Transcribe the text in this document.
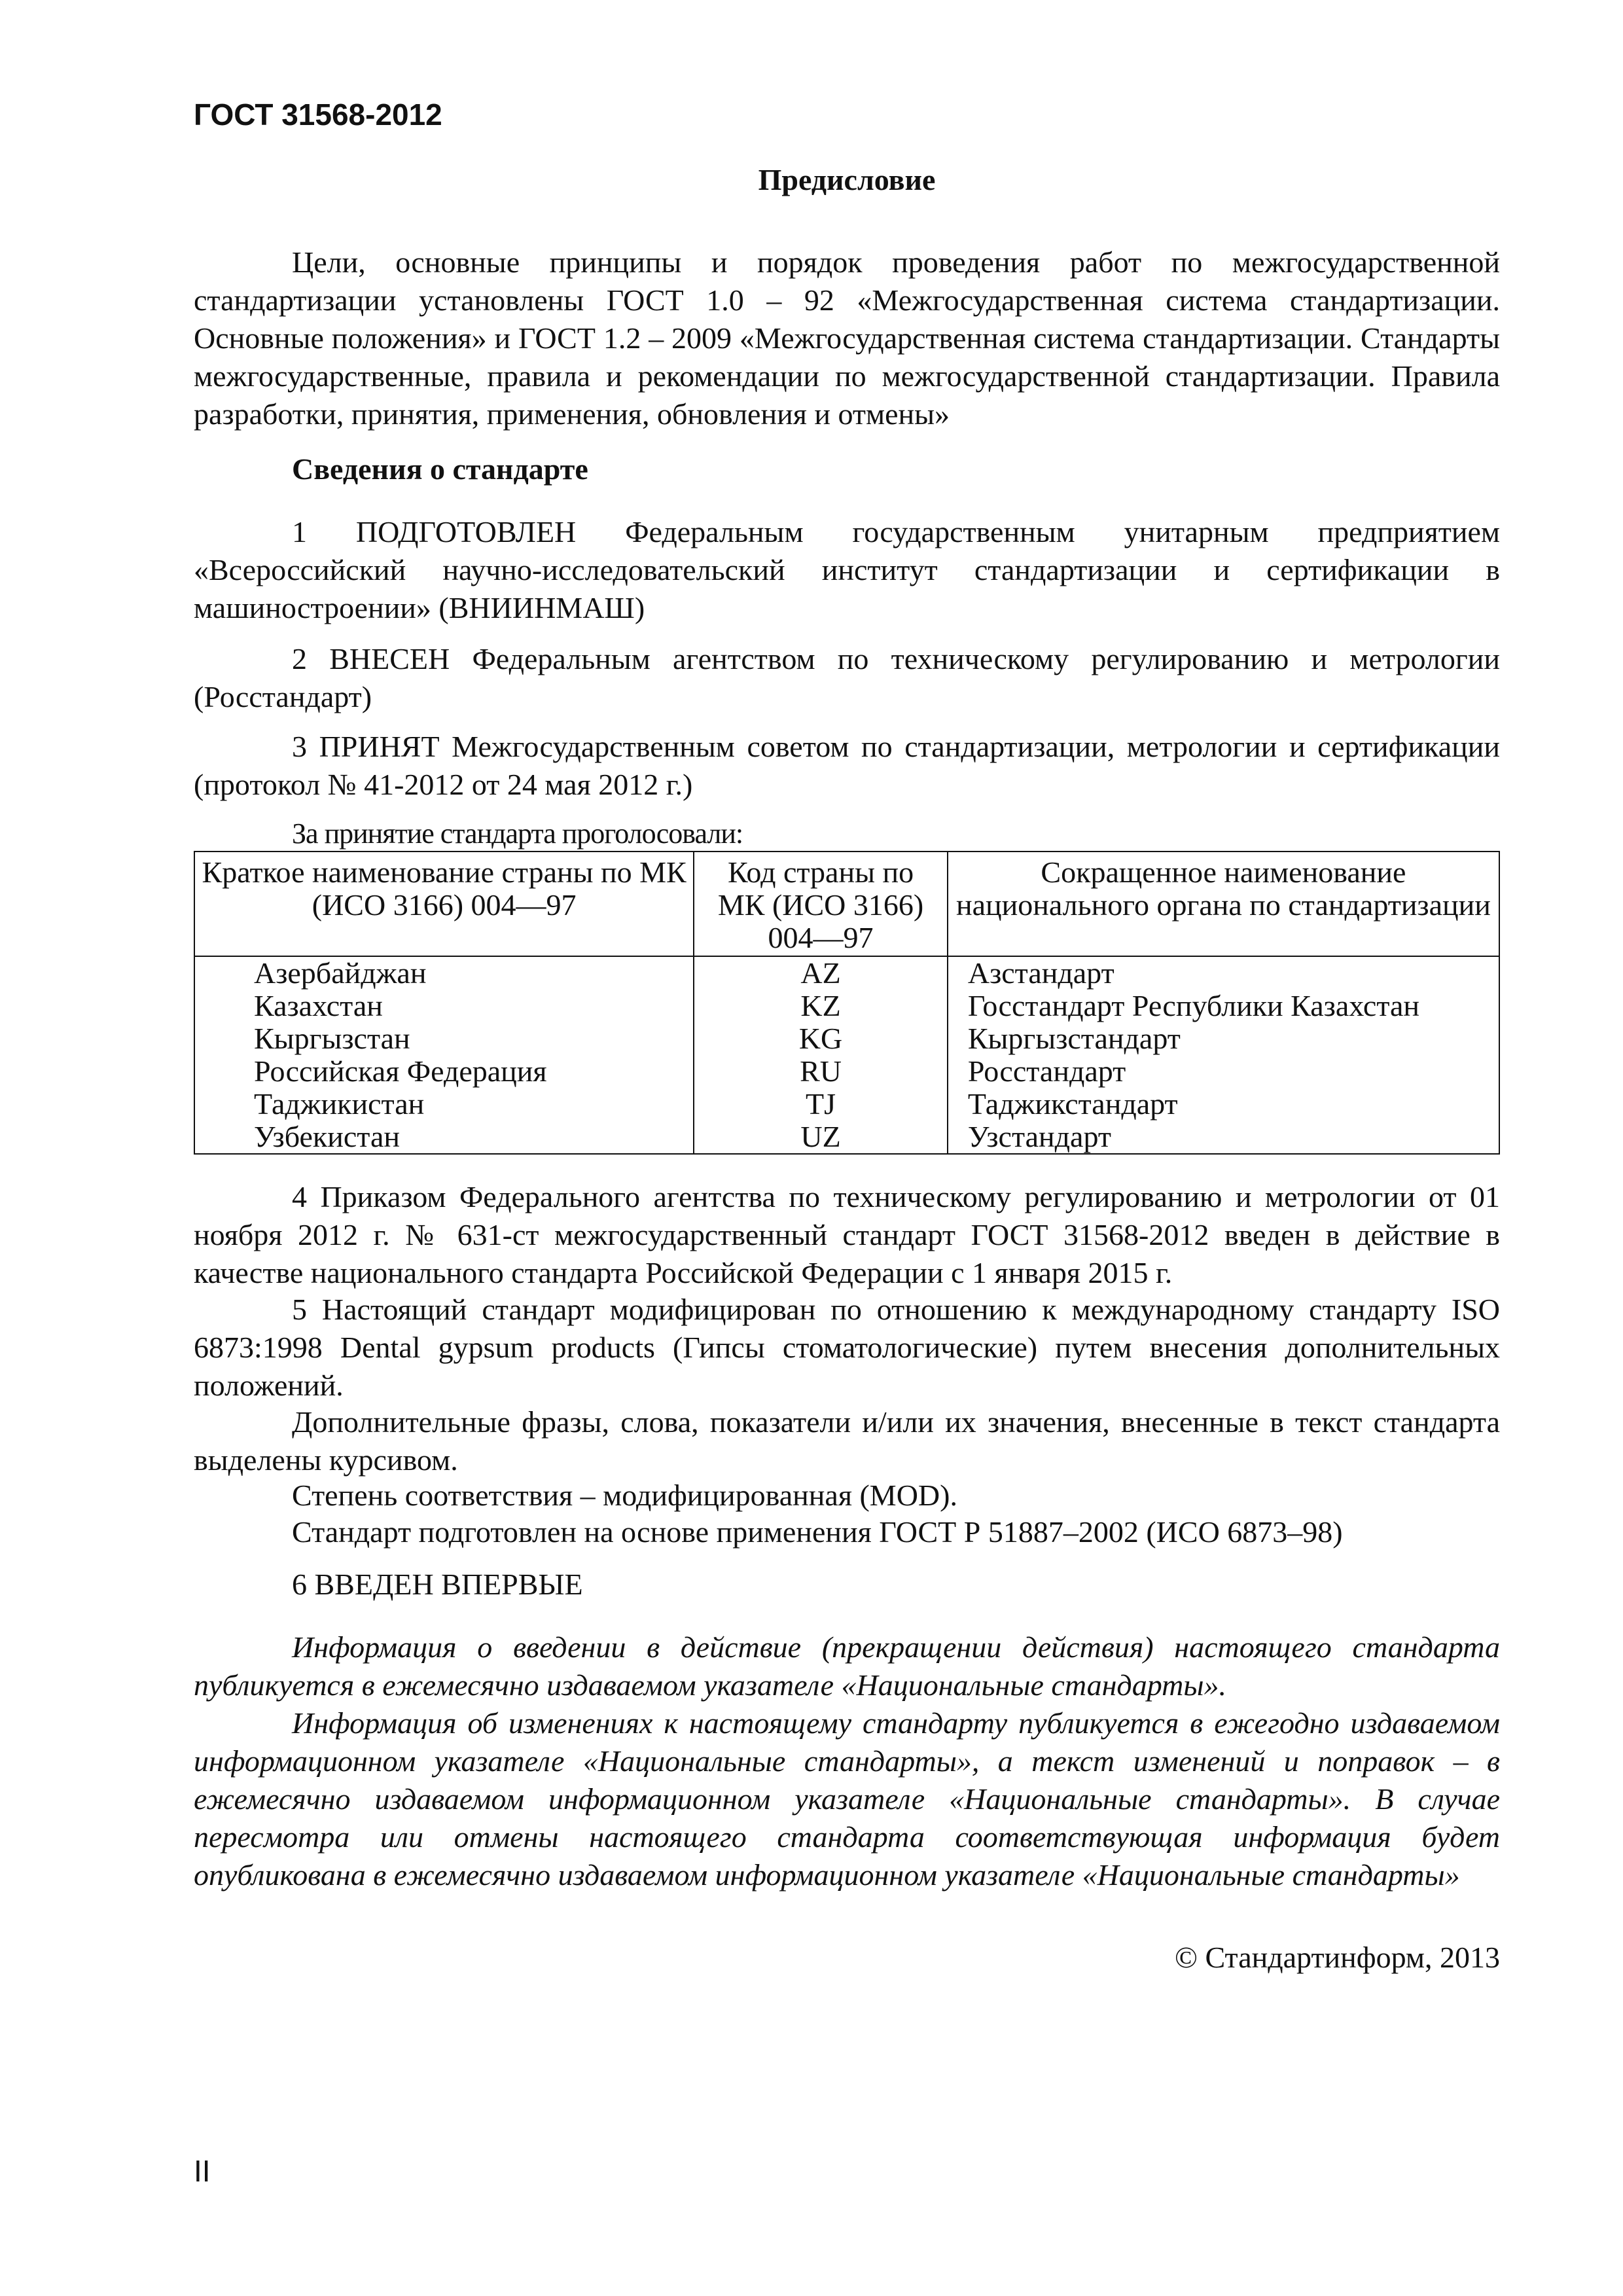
ГОСТ 31568-2012
Предисловие

Цели, основные принципы и порядок проведения работ по межгосударственной стандартизации установлены ГОСТ 1.0 – 92 «Межгосударственная система стандартизации. Основные положения» и ГОСТ 1.2 – 2009 «Межгосударственная система стандартизации. Стандарты межгосударственные, правила и рекомендации по межгосударственной стандартизации. Правила разработки, принятия, применения, обновления и отмены»

Сведения о стандарте

1 ПОДГОТОВЛЕН Федеральным государственным унитарным предприятием «Всероссийский научно-исследовательский институт стандартизации и сертификации в машиностроении» (ВНИИНМАШ)

2 ВНЕСЕН Федеральным агентством по техническому регулированию и метрологии (Росстандарт)

3 ПРИНЯТ Межгосударственным советом по стандартизации, метрологии и сертификации (протокол № 41-2012 от 24 мая 2012 г.)

За принятие стандарта проголосовали:
Краткое наименование страны по МК (ИСО 3166) 004—97	Код страны по МК (ИСО 3166) 004—97	Сокращенное наименование национального органа по стандартизации
Азербайджан	AZ	Азстандарт
Казахстан	KZ	Госстандарт Республики Казахстан
Кыргызстан	KG	Кыргызстандарт
Российская Федерация	RU	Росстандарт
Таджикистан	TJ	Таджикстандарт
Узбекистан	UZ	Узстандарт

4 Приказом Федерального агентства по техническому регулированию и метрологии от 01 ноября 2012 г. № 631-ст межгосударственный стандарт ГОСТ 31568-2012 введен в действие в качестве национального стандарта Российской Федерации с 1 января 2015 г.

5 Настоящий стандарт модифицирован по отношению к международному стандарту ISO 6873:1998 Dental gypsum products (Гипсы стоматологические) путем внесения дополнительных положений.

Дополнительные фразы, слова, показатели и/или их значения, внесенные в текст стандарта выделены курсивом.

Степень соответствия – модифицированная (MOD).

Стандарт подготовлен на основе применения ГОСТ Р 51887–2002 (ИСО 6873–98)

6 ВВЕДЕН ВПЕРВЫЕ

Информация о введении в действие (прекращении действия) настоящего стандарта публикуется в ежемесячно издаваемом указателе «Национальные стандарты».

Информация об изменениях к настоящему стандарту публикуется в ежегодно издаваемом информационном указателе «Национальные стандарты», а текст изменений и поправок – в ежемесячно издаваемом информационном указателе «Национальные стандарты». В случае пересмотра или отмены настоящего стандарта соответствующая информация будет опубликована в ежемесячно издаваемом информационном указателе «Национальные стандарты»

© Стандартинформ, 2013
II
